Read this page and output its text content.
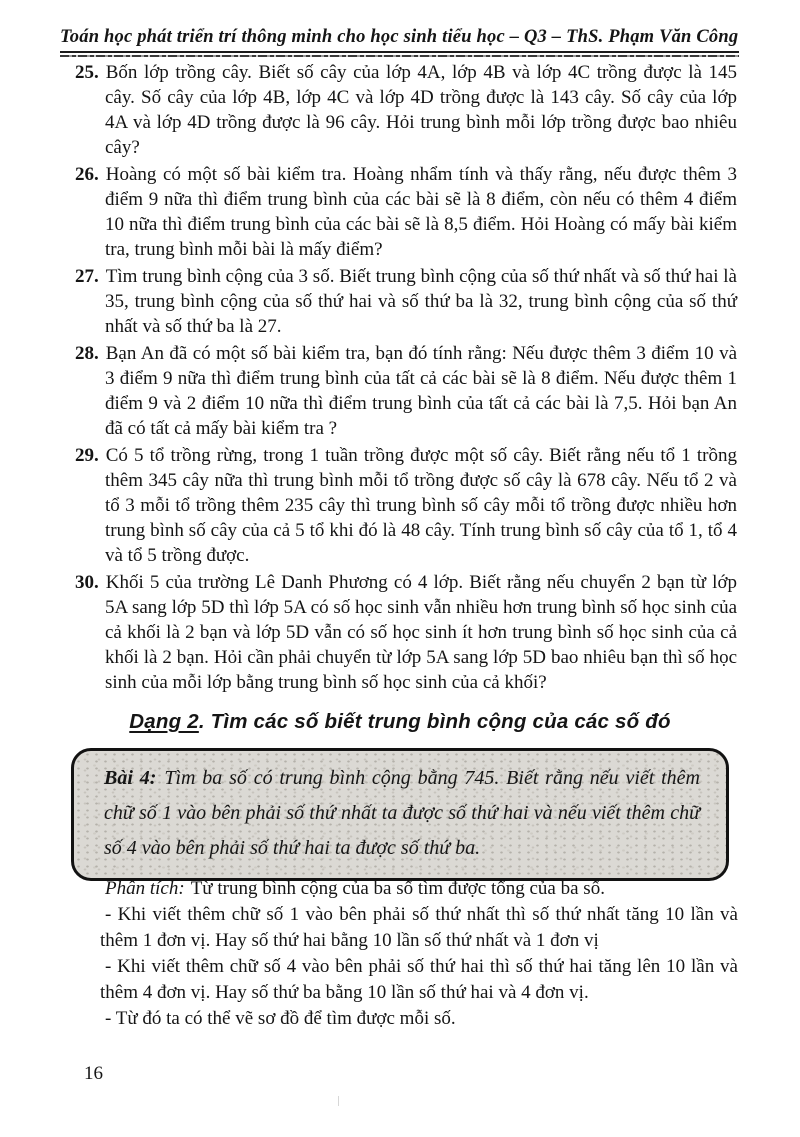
Toán học phát triển trí thông minh cho học sinh tiểu học – Q3 – ThS. Phạm Văn Công
25. Bốn lớp trồng cây. Biết số cây của lớp 4A, lớp 4B và lớp 4C trồng được là 145 cây. Số cây của lớp 4B, lớp 4C và lớp 4D trồng được là 143 cây. Số cây của lớp 4A và lớp 4D trồng được là 96 cây. Hỏi trung bình mỗi lớp trồng được bao nhiêu cây?
26. Hoàng có một số bài kiểm tra. Hoàng nhẩm tính và thấy rằng, nếu được thêm 3 điểm 9 nữa thì điểm trung bình của các bài sẽ là 8 điểm, còn nếu có thêm 4 điểm 10 nữa thì điểm trung bình của các bài sẽ là 8,5 điểm. Hỏi Hoàng có mấy bài kiểm tra, trung bình mỗi bài là mấy điểm?
27. Tìm trung bình cộng của 3 số. Biết trung bình cộng của số thứ nhất và số thứ hai là 35, trung bình cộng của số thứ hai và số thứ ba là 32, trung bình cộng của số thứ nhất và số thứ ba là 27.
28. Bạn An đã có một số bài kiểm tra, bạn đó tính rằng: Nếu được thêm 3 điểm 10 và 3 điểm 9 nữa thì điểm trung bình của tất cả các bài sẽ là 8 điểm. Nếu được thêm 1 điểm 9 và 2 điểm 10 nữa thì điểm trung bình của tất cả các bài là 7,5. Hỏi bạn An đã có tất cả mấy bài kiểm tra ?
29. Có 5 tổ trồng rừng, trong 1 tuần trồng được một số cây. Biết rằng nếu tổ 1 trồng thêm 345 cây nữa thì trung bình mỗi tổ trồng được số cây là 678 cây. Nếu tổ 2 và tổ 3 mỗi tổ trồng thêm 235 cây thì trung bình số cây mỗi tổ trồng được nhiều hơn trung bình số cây của cả 5 tổ khi đó là 48 cây. Tính trung bình số cây của tổ 1, tổ 4 và tổ 5 trồng được.
30. Khối 5 của trường Lê Danh Phương có 4 lớp. Biết rằng nếu chuyển 2 bạn từ lớp 5A sang lớp 5D thì lớp 5A có số học sinh vẫn nhiều hơn trung bình số học sinh của cả khối là 2 bạn và lớp 5D vẫn có số học sinh ít hơn trung bình số học sinh của cả khối là 2 bạn. Hỏi cần phải chuyển từ lớp 5A sang lớp 5D bao nhiêu bạn thì số học sinh của mỗi lớp bằng trung bình số học sinh của cả khối?
Dạng 2. Tìm các số biết trung bình cộng của các số đó
Bài 4: Tìm ba số có trung bình cộng bằng 745. Biết rằng nếu viết thêm chữ số 1 vào bên phải số thứ nhất ta được số thứ hai và nếu viết thêm chữ số 4 vào bên phải số thứ hai ta được số thứ ba.

Phân tích: Từ trung bình cộng của ba số tìm được tổng của ba số.

- Khi viết thêm chữ số 1 vào bên phải số thứ nhất thì số thứ nhất tăng 10 lần và thêm 1 đơn vị. Hay số thứ hai bằng 10 lần số thứ nhất và 1 đơn vị

- Khi viết thêm chữ số 4 vào bên phải số thứ hai thì số thứ hai tăng lên 10 lần và thêm 4 đơn vị. Hay số thứ ba bằng 10 lần số thứ hai và 4 đơn vị.

- Từ đó ta có thể vẽ sơ đồ để tìm được mỗi số.

16
